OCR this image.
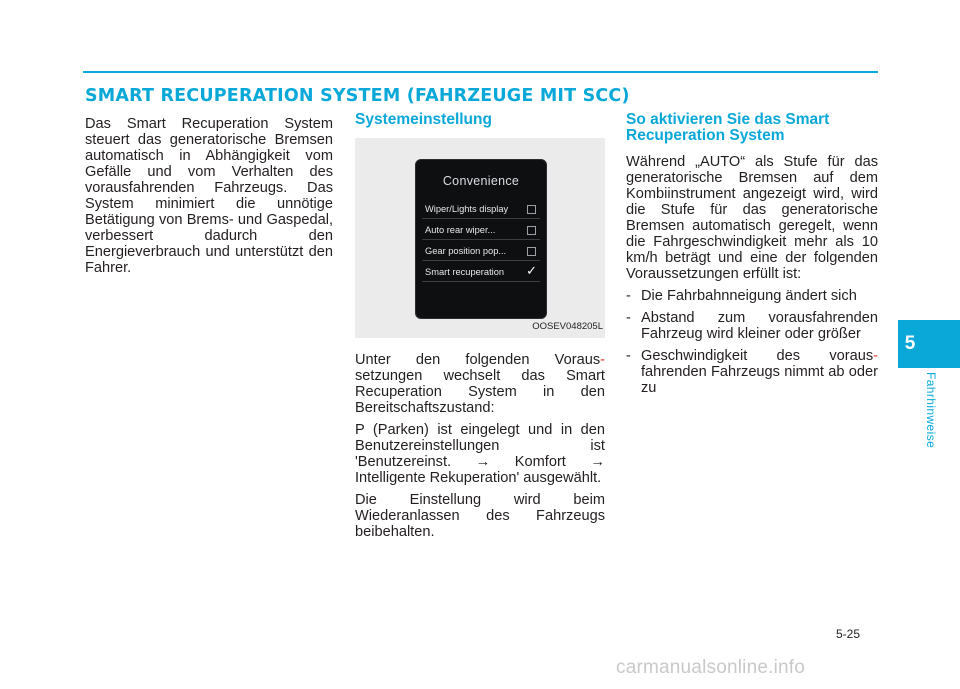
SMART RECUPERATION SYSTEM (FAHRZEUGE MIT SCC)

Das Smart Recuperation System steuert das generatorische Bremsen automatisch in Abhängigkeit vom Gefälle und vom Verhalten des vorausfahrenden Fahrzeugs. Das System minimiert die unnötige Betätigung von Brems- und Gaspedal, verbessert dadurch den Energieverbrauch und unterstützt den Fahrer.

Systemeinstellung
Convenience
Wiper/Lights display
Auto rear wiper...
Gear position pop...
Smart recuperation ✓
OOSEV048205L

Unter den folgenden Voraus-setzungen wechselt das Smart Recuperation System in den Bereitschaftszustand:

P (Parken) ist eingelegt und in den Benutzereinstellungen ist 'Benutzereinst. → Komfort → Intelligente Rekuperation' ausgewählt.

Die Einstellung wird beim Wiederanlassen des Fahrzeugs beibehalten.

So aktivieren Sie das Smart Recuperation System

Während „AUTO“ als Stufe für das generatorische Bremsen auf dem Kombiinstrument angezeigt wird, wird die Stufe für das generatorische Bremsen automatisch geregelt, wenn die Fahrgeschwindigkeit mehr als 10 km/h beträgt und eine der folgenden Voraussetzungen erfüllt ist:

- Die Fahrbahnneigung ändert sich
- Abstand zum vorausfahrenden Fahrzeug wird kleiner oder größer
- Geschwindigkeit des voraus-fahrenden Fahrzeugs nimmt ab oder zu
5
Fahrhinweise
5-25
carmanualsonline.info
